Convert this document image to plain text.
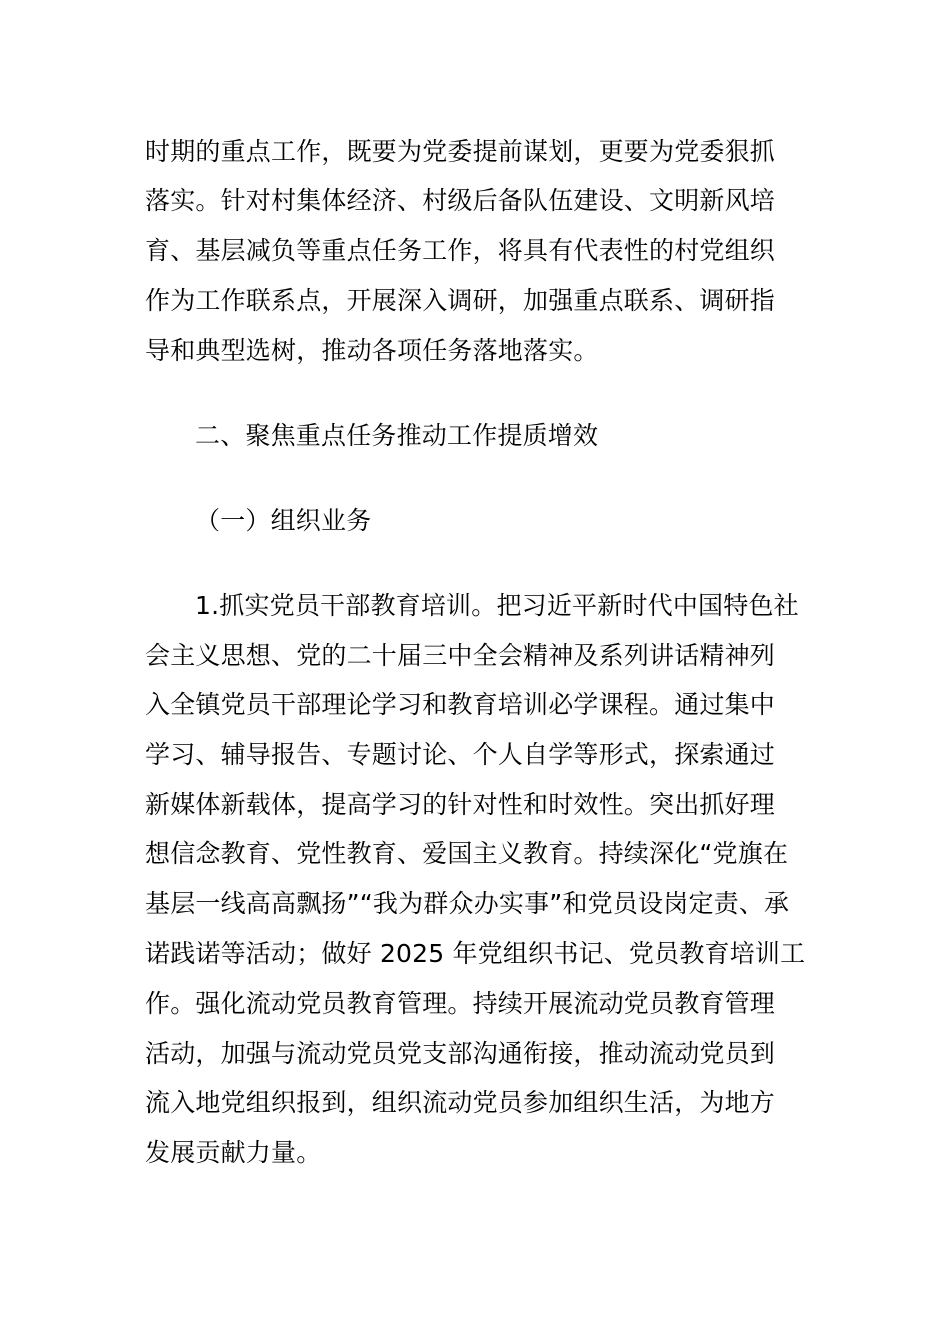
时期的重点工作，既要为党委提前谋划，更要为党委狠抓
落实。针对村集体经济、村级后备队伍建设、文明新风培
育、基层减负等重点任务工作，将具有代表性的村党组织
作为工作联系点，开展深入调研，加强重点联系、调研指
导和典型选树，推动各项任务落地落实。
二、聚焦重点任务推动工作提质增效
（一）组织业务
1.抓实党员干部教育培训。把习近平新时代中国特色社
会主义思想、党的二十届三中全会精神及系列讲话精神列
入全镇党员干部理论学习和教育培训必学课程。通过集中
学习、辅导报告、专题讨论、个人自学等形式，探索通过
新媒体新载体，提高学习的针对性和时效性。突出抓好理
想信念教育、党性教育、爱国主义教育。持续深化“党旗在
基层一线高高飘扬”“我为群众办实事”和党员设岗定责、承
诺践诺等活动；做好 2025 年党组织书记、党员教育培训工
作。强化流动党员教育管理。持续开展流动党员教育管理
活动，加强与流动党员党支部沟通衔接，推动流动党员到
流入地党组织报到，组织流动党员参加组织生活，为地方
发展贡献力量。
